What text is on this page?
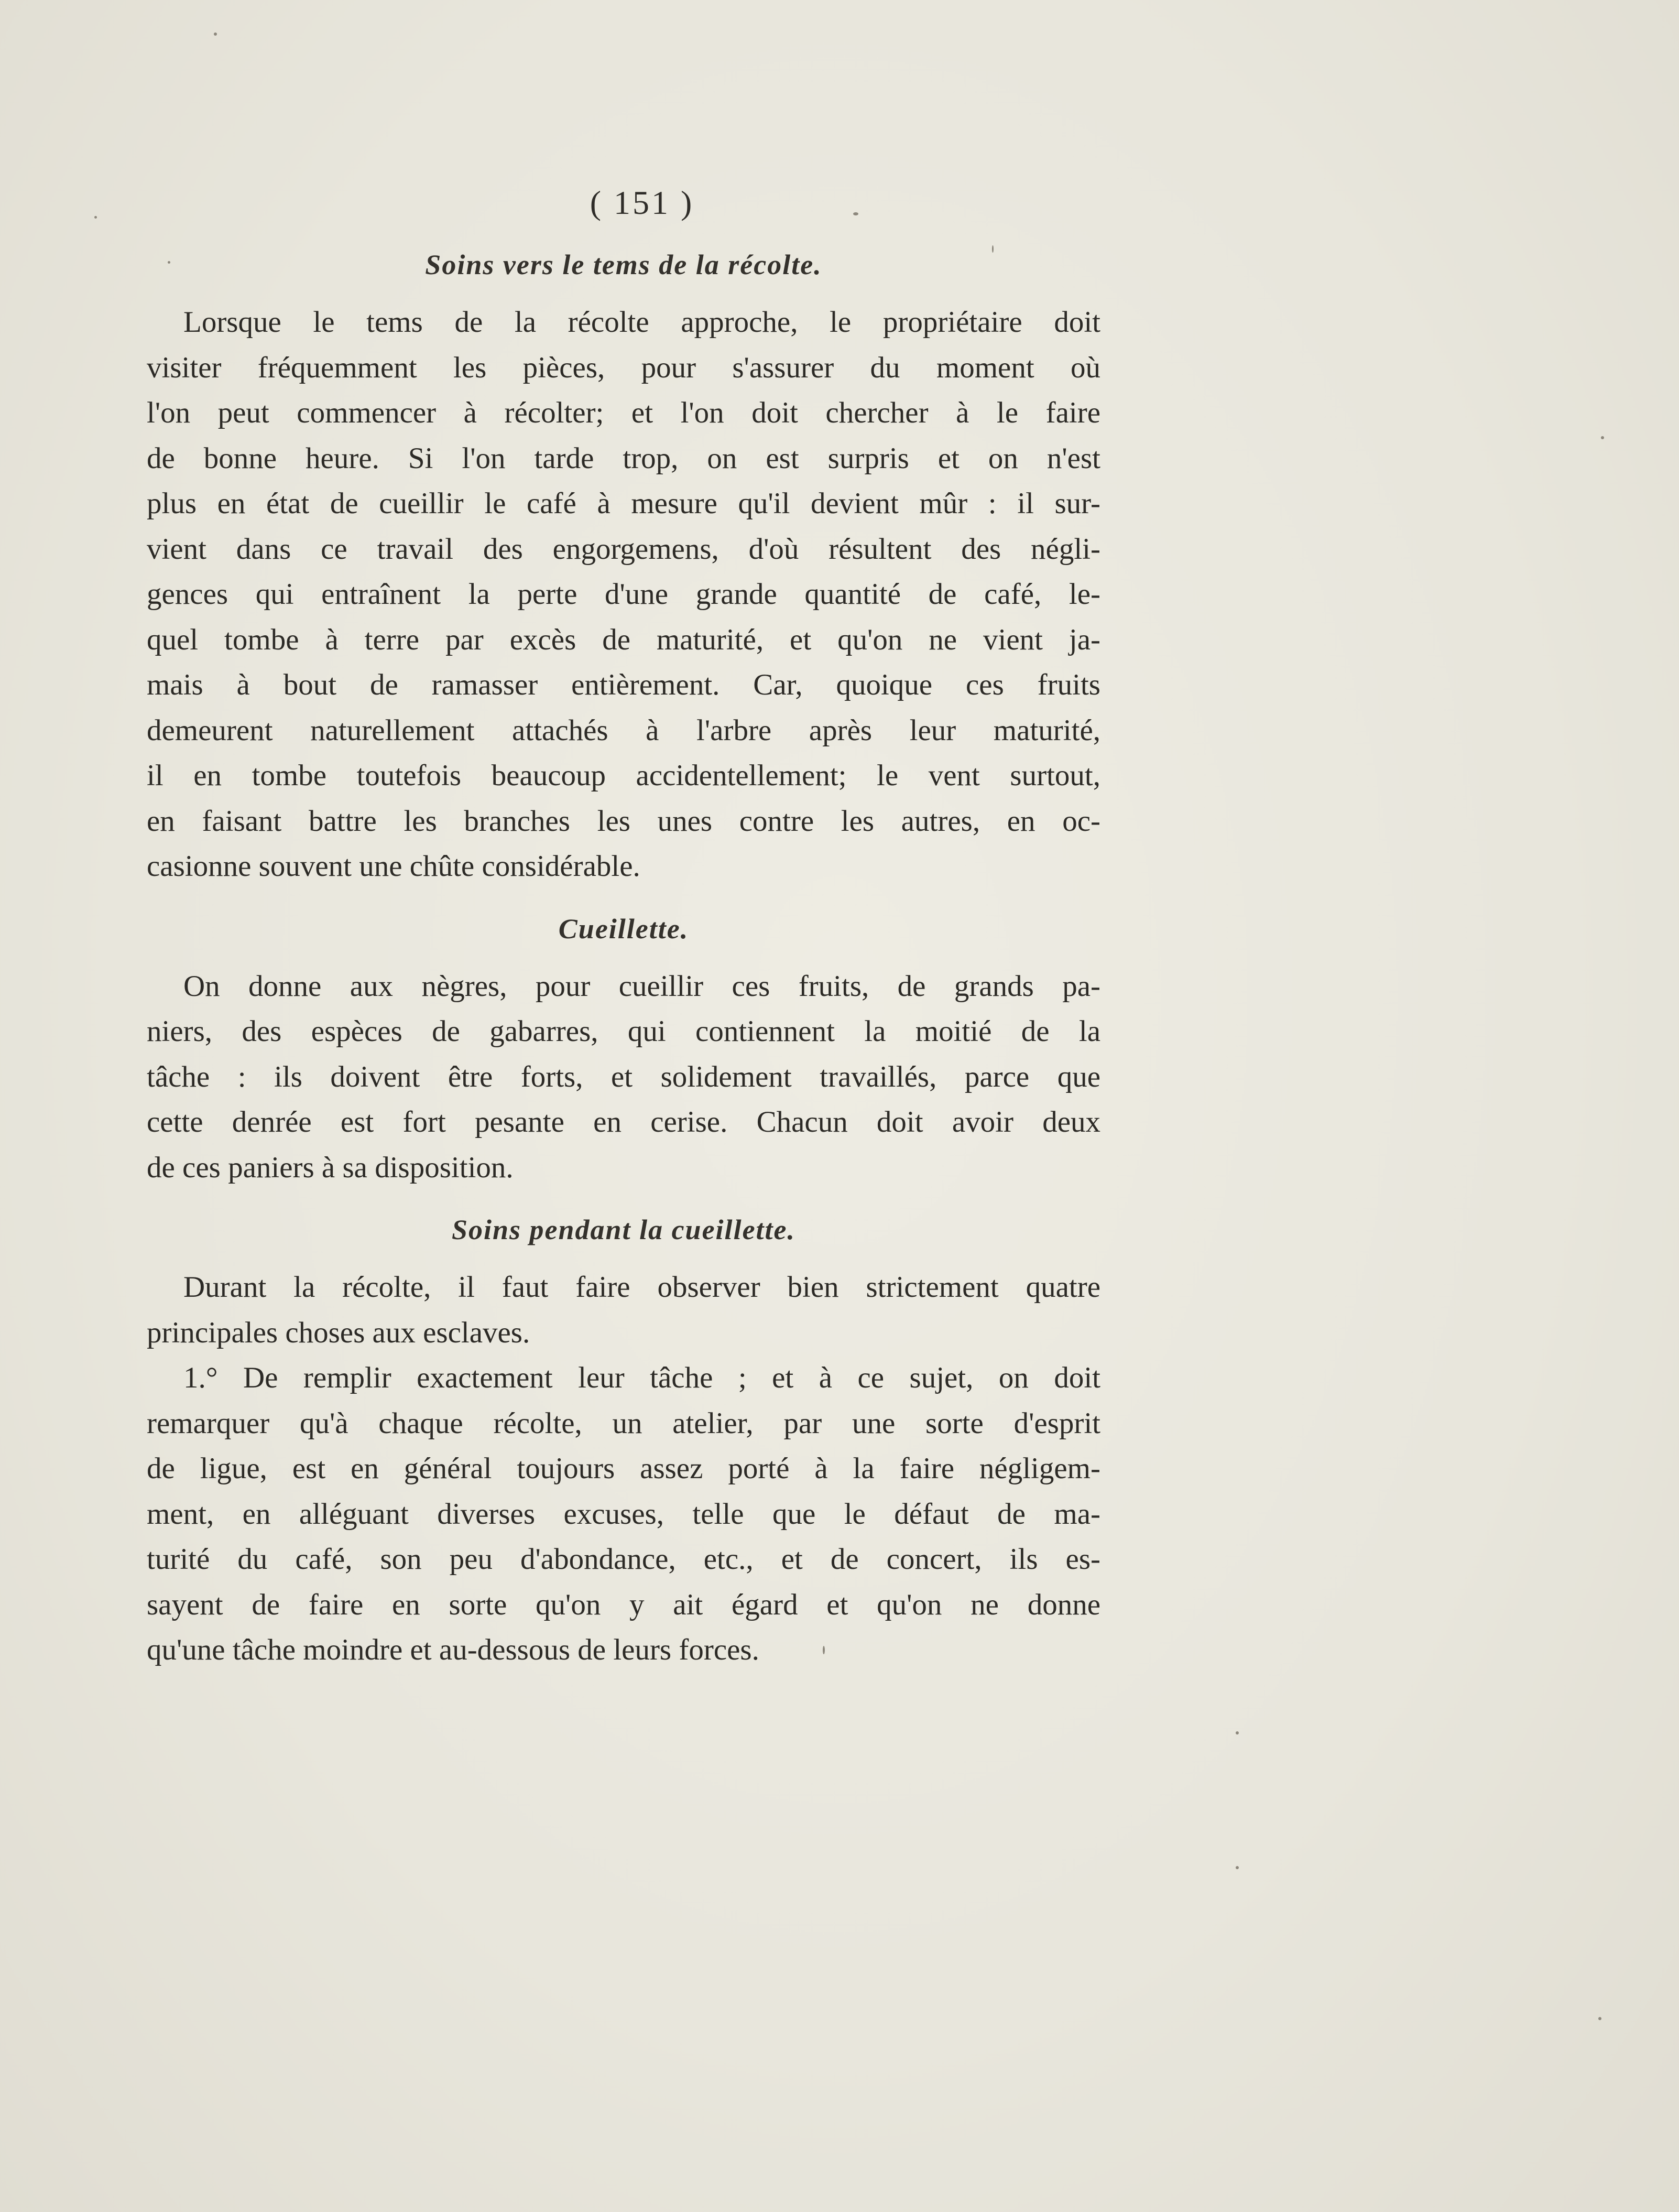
( 151 )
Soins vers le tems de la récolte.

Lorsque le tems de la récolte approche, le propriétaire doit
visiter fréquemment les pièces, pour s'assurer du moment où
l'on peut commencer à récolter; et l'on doit chercher à le faire
de bonne heure. Si l'on tarde trop, on est surpris et on n'est
plus en état de cueillir le café à mesure qu'il devient mûr : il sur-
vient dans ce travail des engorgemens, d'où résultent des négli-
gences qui entraînent la perte d'une grande quantité de café, le-
quel tombe à terre par excès de maturité, et qu'on ne vient ja-
mais à bout de ramasser entièrement. Car, quoique ces fruits
demeurent naturellement attachés à l'arbre après leur maturité,
il en tombe toutefois beaucoup accidentellement; le vent surtout,
en faisant battre les branches les unes contre les autres, en oc-
casionne souvent une chûte considérable.

Cueillette.

On donne aux nègres, pour cueillir ces fruits, de grands pa-
niers, des espèces de gabarres, qui contiennent la moitié de la
tâche : ils doivent être forts, et solidement travaillés, parce que
cette denrée est fort pesante en cerise. Chacun doit avoir deux
de ces paniers à sa disposition.

Soins pendant la cueillette.

Durant la récolte, il faut faire observer bien strictement quatre
principales choses aux esclaves.

1.° De remplir exactement leur tâche ; et à ce sujet, on doit
remarquer qu'à chaque récolte, un atelier, par une sorte d'esprit
de ligue, est en général toujours assez porté à la faire négligem-
ment, en alléguant diverses excuses, telle que le défaut de ma-
turité du café, son peu d'abondance, etc., et de concert, ils es-
sayent de faire en sorte qu'on y ait égard et qu'on ne donne
qu'une tâche moindre et au-dessous de leurs forces.
